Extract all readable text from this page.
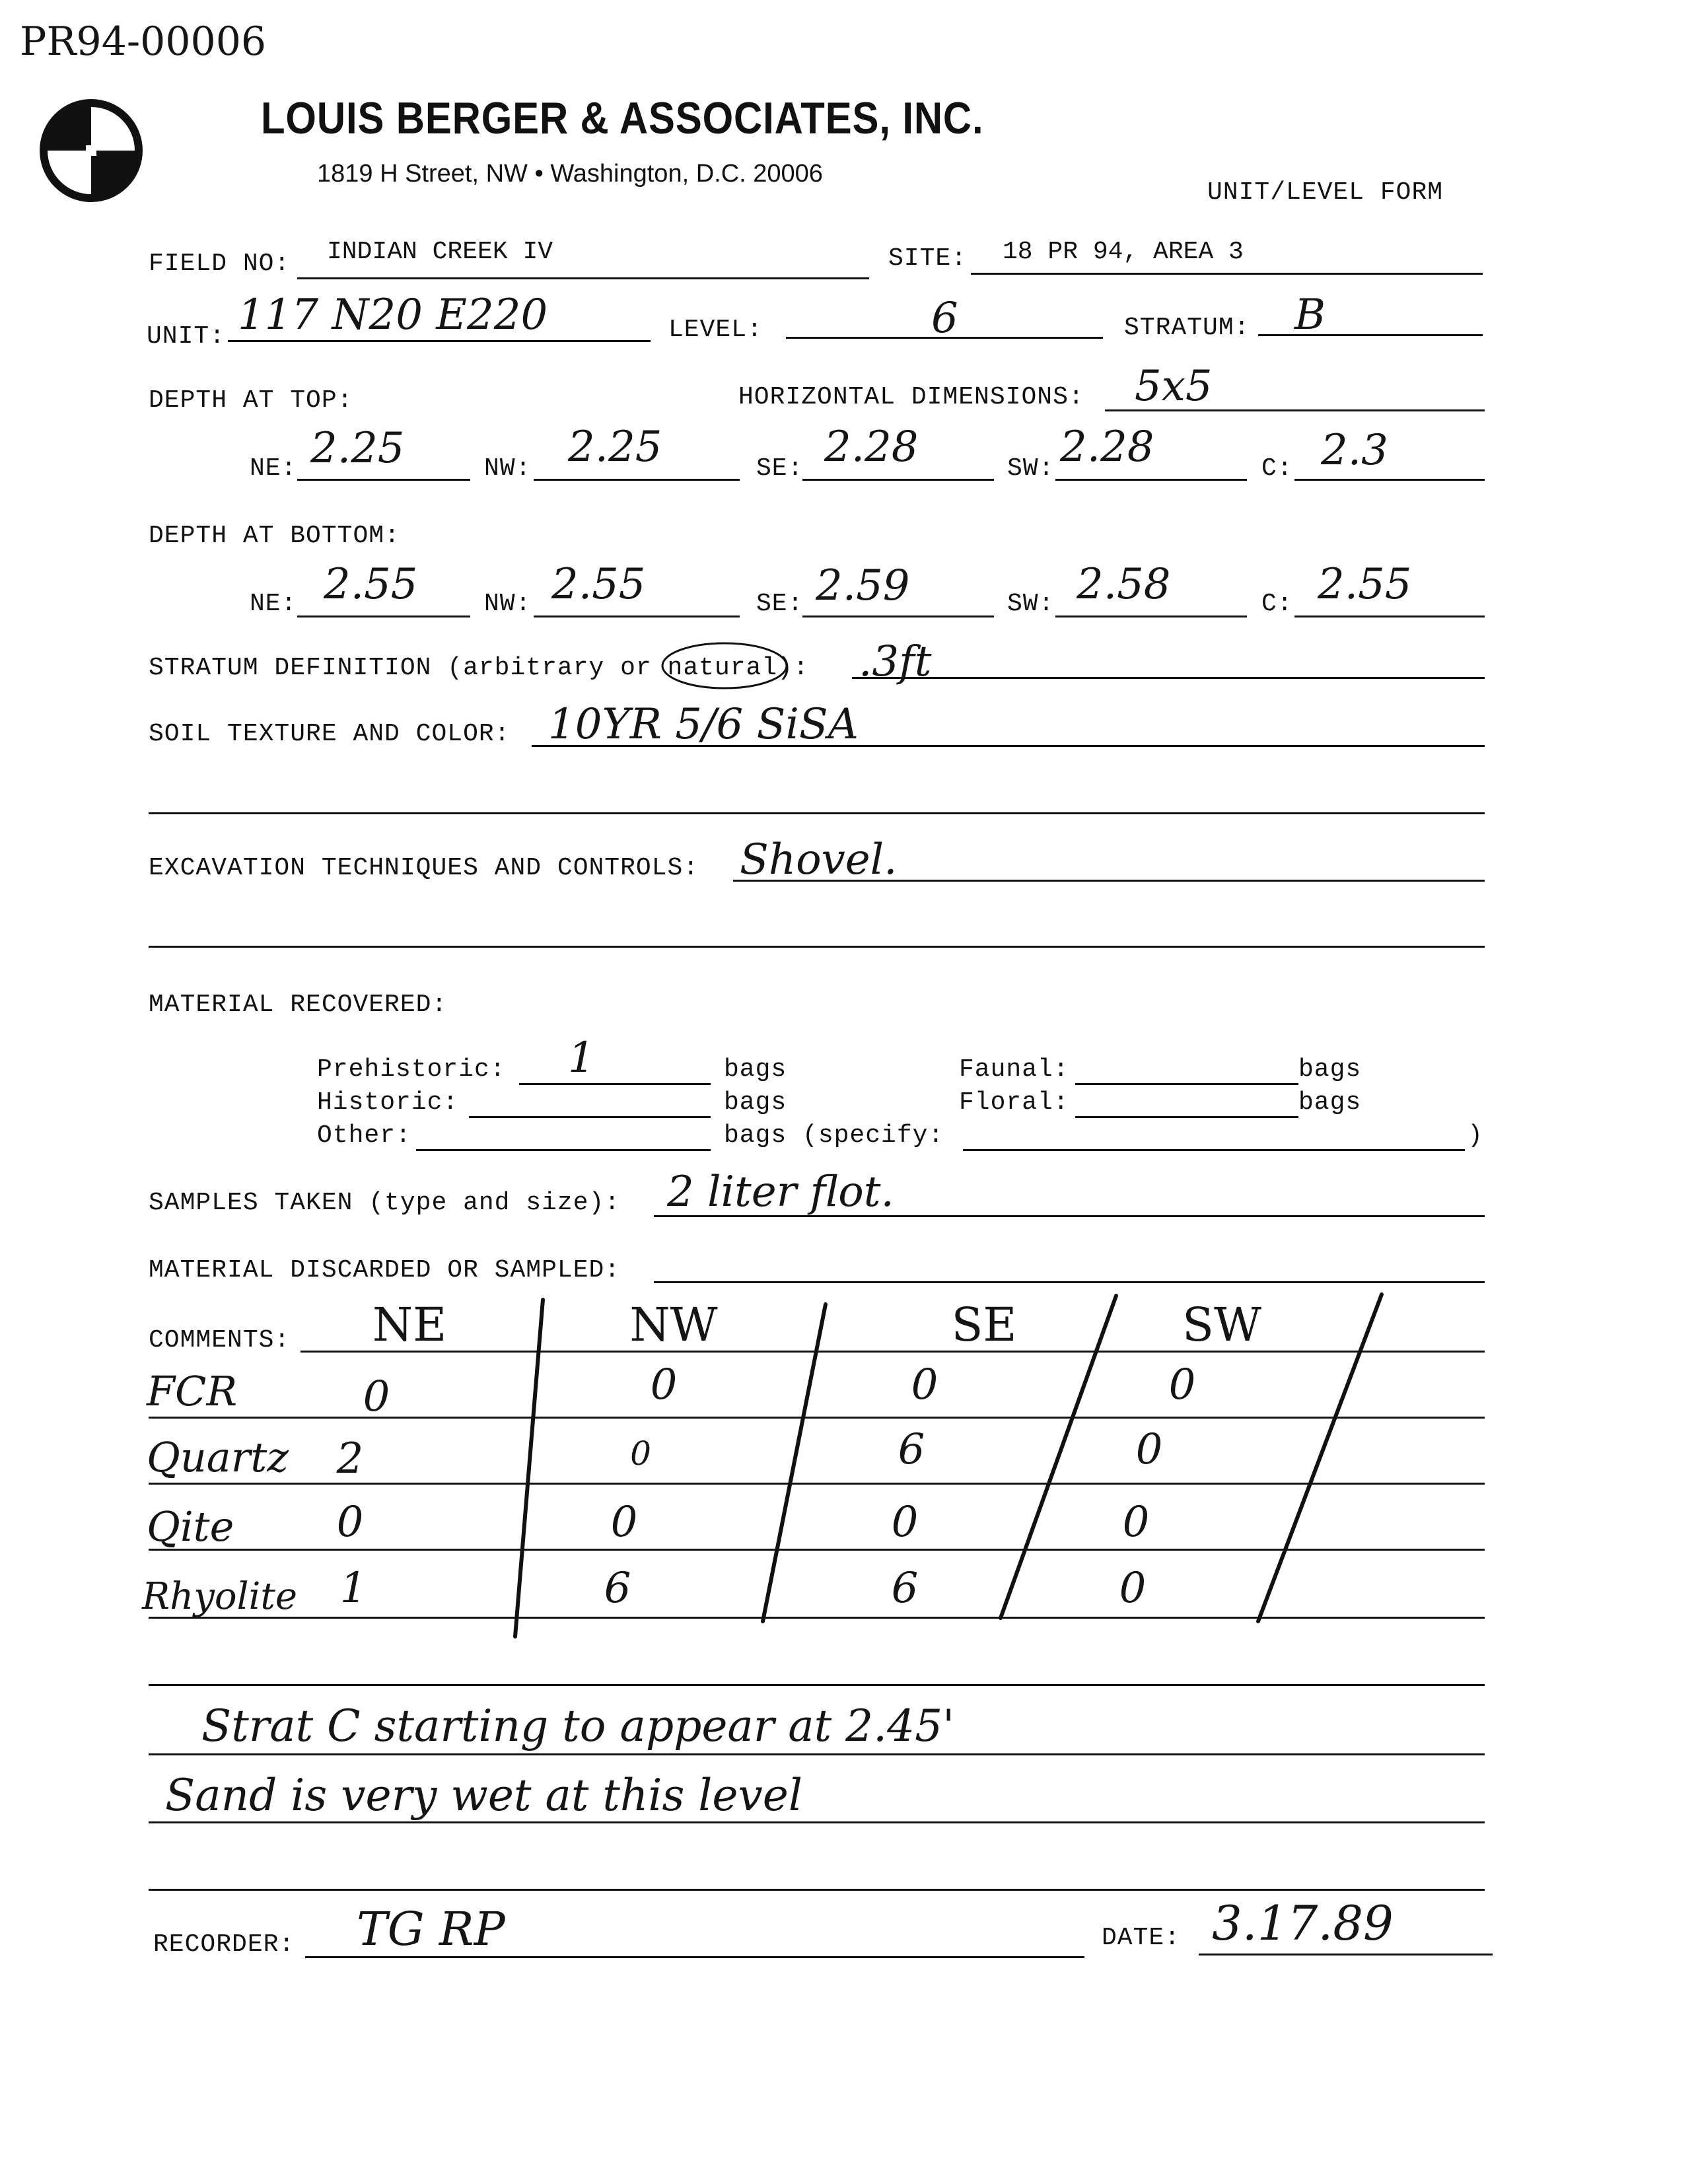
PR94-00006
LOUIS BERGER & ASSOCIATES, INC.
1819 H Street, NW • Washington, D.C. 20006
UNIT/LEVEL FORM
FIELD NO: INDIAN CREEK IV	SITE: 18 PR 94, AREA 3
UNIT: 117 N20 E220	LEVEL:	6	STRATUM: B
DEPTH AT TOP:	HORIZONTAL DIMENSIONS: 5x5
NE: 2.25	NW: 2.25	SE: 2.28	SW: 2.28	C: 2.3
DEPTH AT BOTTOM:
NE: 2.55	NW: 2.55	SE: 2.59	SW: 2.58	C: 2.55
STRATUM DEFINITION (arbitrary or natural
): .3ft
SOIL TEXTURE AND COLOR: 10YR 5/6 SiSA
EXCAVATION TECHNIQUES AND CONTROLS: Shovel.
MATERIAL RECOVERED:
Prehistoric: 1	bags
Historic:	bags
Other:	bags (specify:	)
Faunal:	bags
Floral:	bags
SAMPLES TAKEN (type and size): 2 liter flot.
MATERIAL DISCARDED OR SAMPLED:
COMMENTS:	NE	NW	SE	SW
FCR	0	0	0	0
Quartz	2	0	6	0
Qite	0	0	0	0
Rhyolite	1	6	6	0
Strat C starting to appear at 2.45'
Sand is very wet at this level
RECORDER: TG RP	DATE: 3.17.89
